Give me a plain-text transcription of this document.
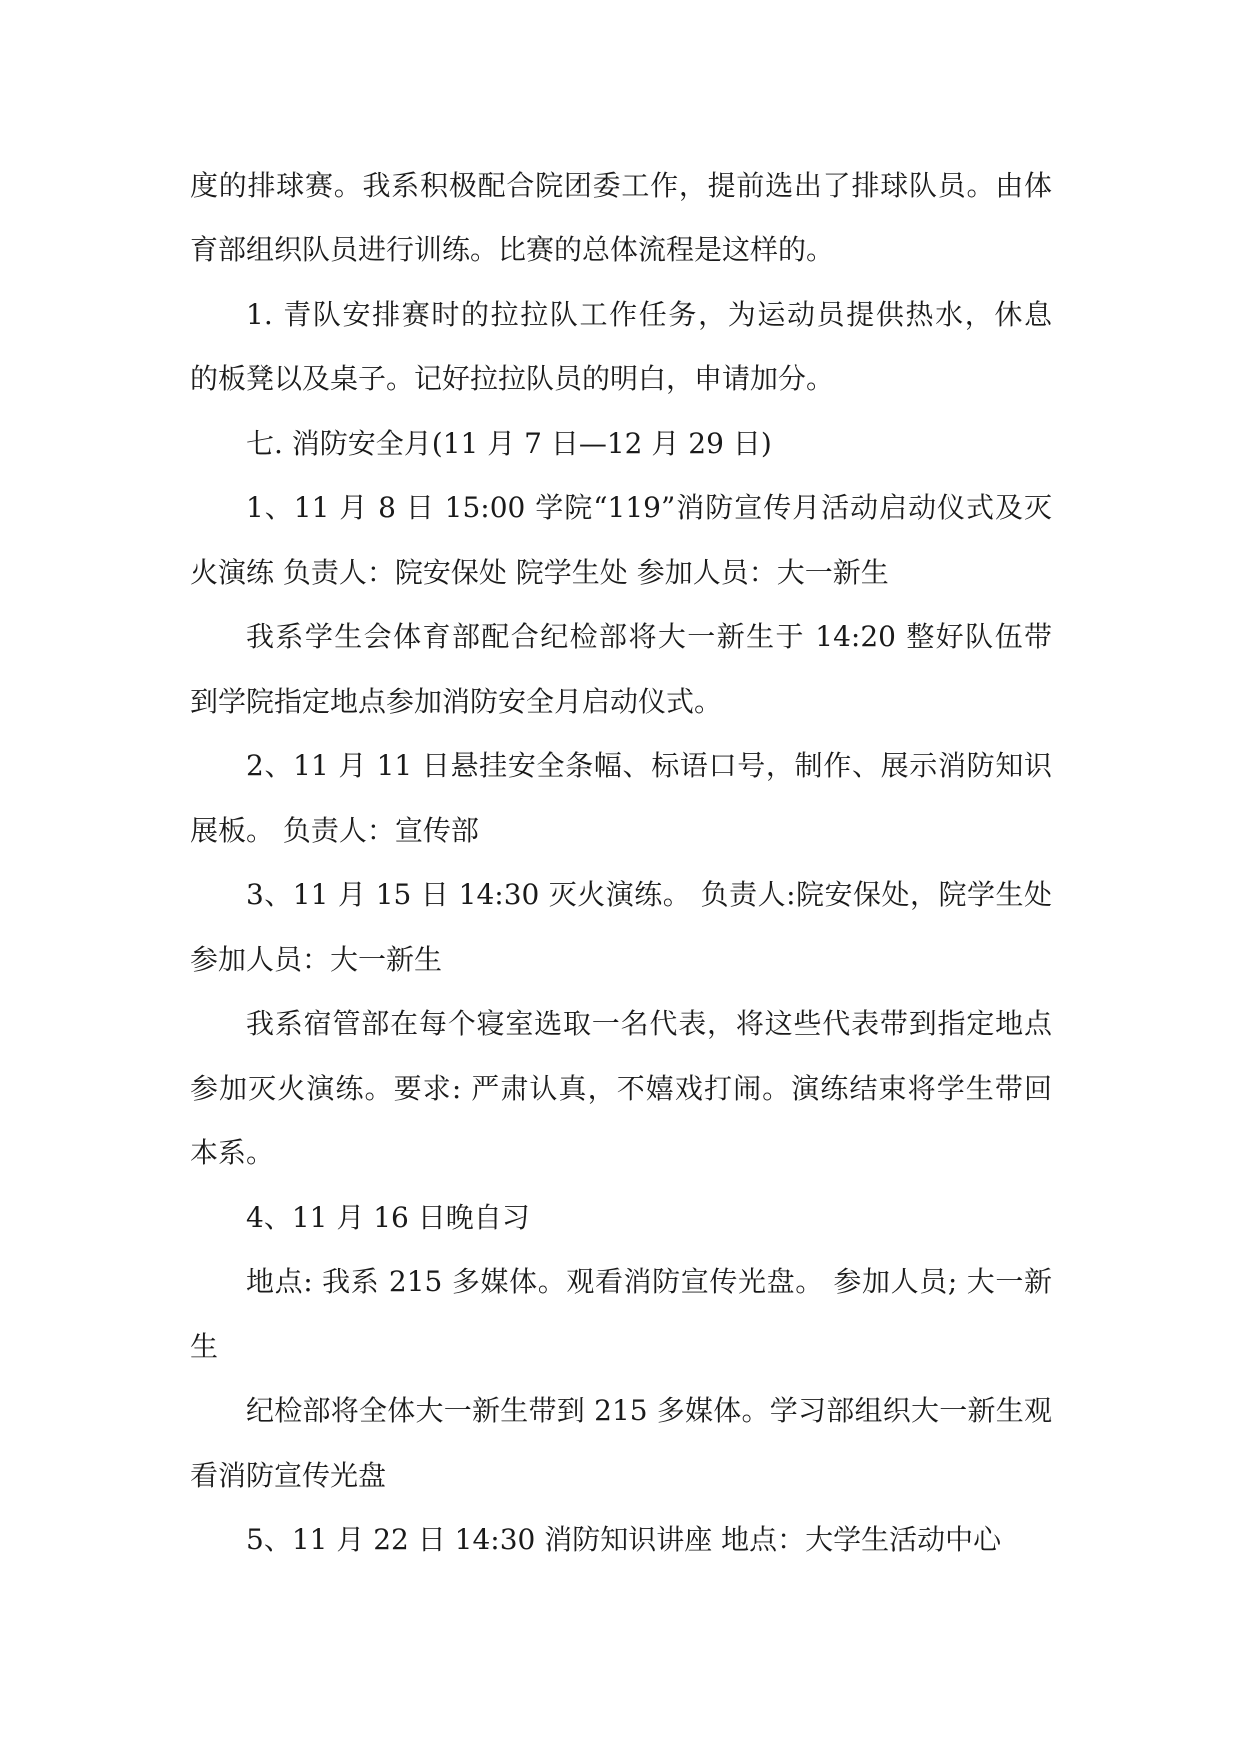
度的排球赛。我系积极配合院团委工作，提前选出了排球队员。由体
育部组织队员进行训练。比赛的总体流程是这样的。
1. 青队安排赛时的拉拉队工作任务，为运动员提供热水，休息
的板凳以及桌子。记好拉拉队员的明白，申请加分。
七. 消防安全月(11 月 7 日—12 月 29 日)
1、11 月 8 日 15:00 学院“119”消防宣传月活动启动仪式及灭
火演练 负责人：院安保处 院学生处 参加人员：大一新生
我系学生会体育部配合纪检部将大一新生于 14:20 整好队伍带
到学院指定地点参加消防安全月启动仪式。
2、11 月 11 日悬挂安全条幅、标语口号，制作、展示消防知识
展板。 负责人：宣传部
3、11 月 15 日 14:30 灭火演练。 负责人:院安保处，院学生处
参加人员：大一新生
我系宿管部在每个寝室选取一名代表，将这些代表带到指定地点
参加灭火演练。要求: 严肃认真，不嬉戏打闹。演练结束将学生带回
本系。
4、11 月 16 日晚自习
地点: 我系 215 多媒体。观看消防宣传光盘。 参加人员; 大一新
生
纪检部将全体大一新生带到 215 多媒体。学习部组织大一新生观
看消防宣传光盘
5、11 月 22 日 14:30 消防知识讲座 地点：大学生活动中心
